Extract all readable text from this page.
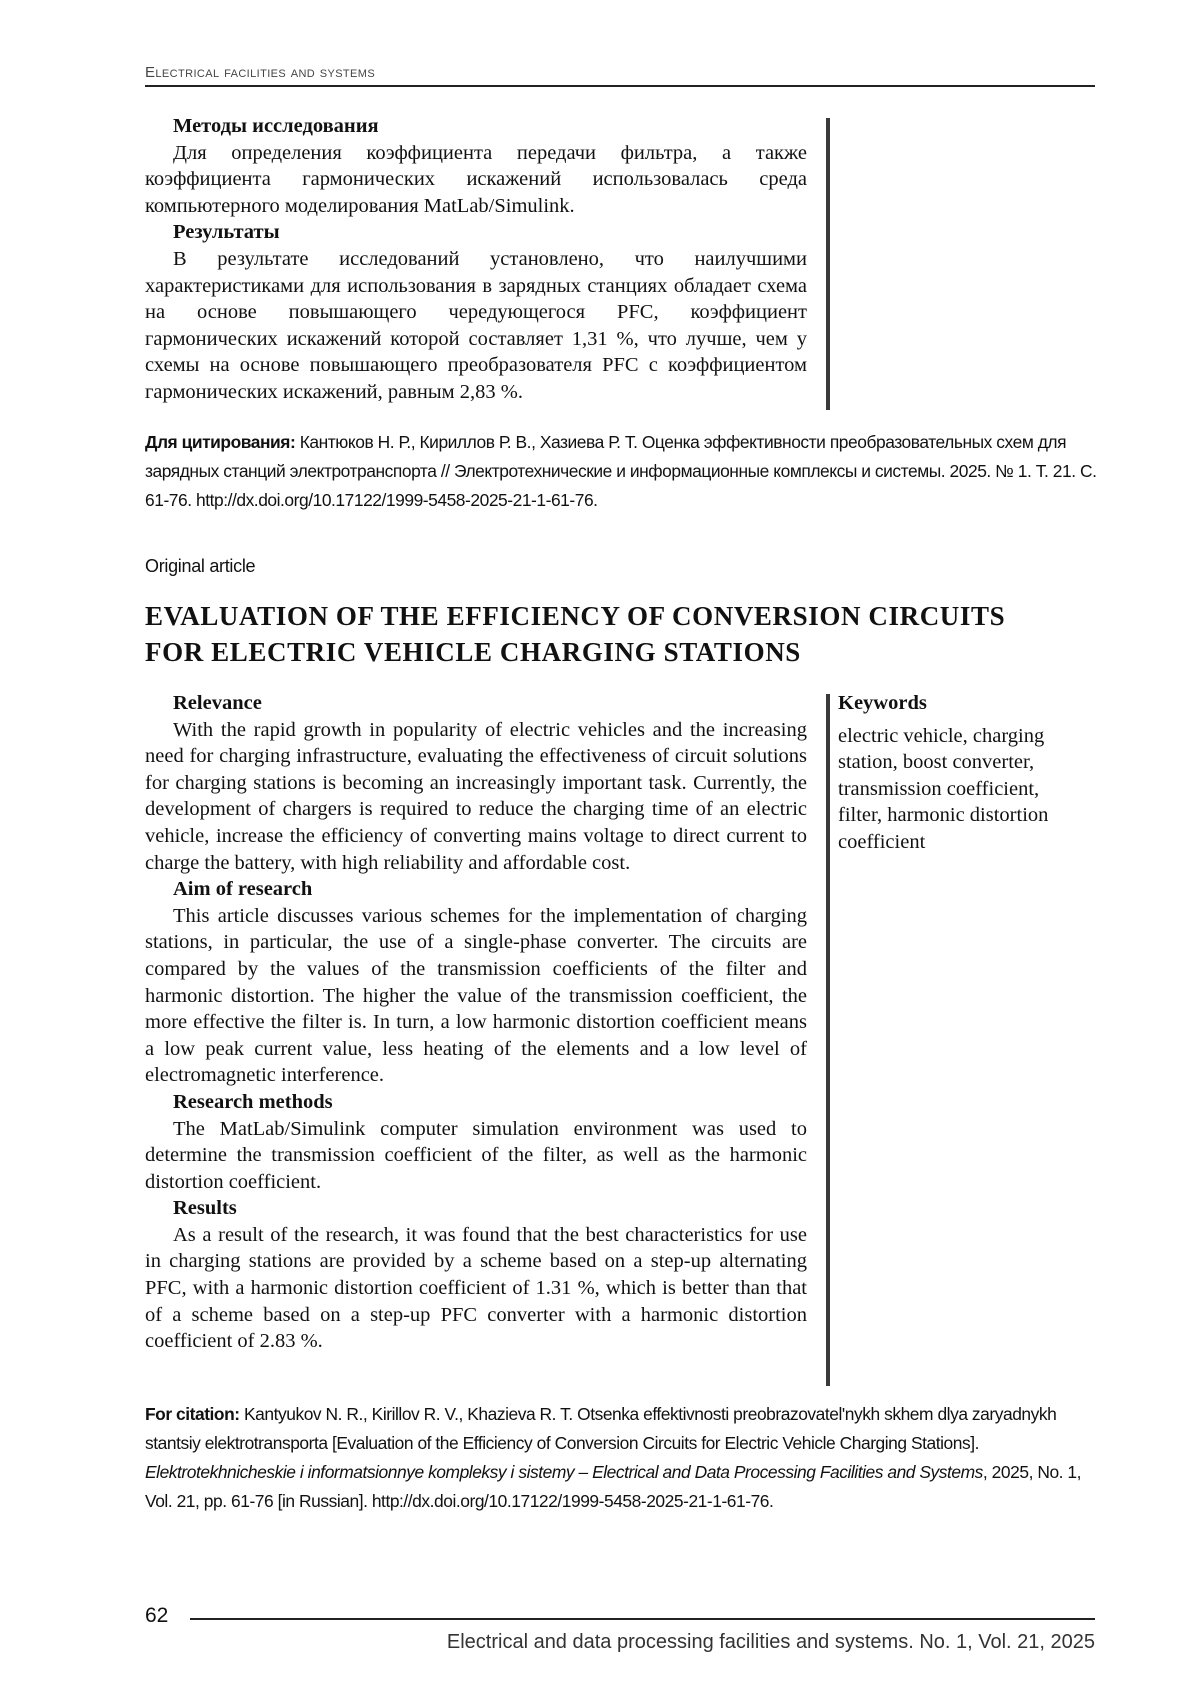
Electrical facilities and systems
Методы исследования

Для определения коэффициента передачи фильтра, а также коэффициента гармонических искажений использовалась среда компьютерного моделирования MatLab/Simulink.

Результаты

В результате исследований установлено, что наилучшими характеристиками для использования в зарядных станциях обладает схема на основе повышающего чередующегося PFC, коэффициент гармонических искажений которой составляет 1,31 %, что лучше, чем у схемы на основе повышающего преобразователя PFC с коэффициентом гармонических искажений, равным 2,83 %.

Для цитирования: Кантюков Н. Р., Кириллов Р. В., Хазиева Р. Т. Оценка эффективности преобразовательных схем для зарядных станций электротранспорта // Электротехнические и информационные комплексы и системы. 2025. № 1. Т. 21. С. 61-76. http://dx.doi.org/10.17122/1999-5458-2025-21-1-61-76.
Original article
EVALUATION OF THE EFFICIENCY OF CONVERSION CIRCUITS
FOR ELECTRIC VEHICLE CHARGING STATIONS
Relevance

With the rapid growth in popularity of electric vehicles and the increasing need for charging infrastructure, evaluating the effectiveness of circuit solutions for charging stations is becoming an increasingly important task. Currently, the development of chargers is required to reduce the charging time of an electric vehicle, increase the efficiency of converting mains voltage to direct current to charge the battery, with high reliability and affordable cost.

Aim of research

This article discusses various schemes for the implementation of charging stations, in particular, the use of a single-phase converter. The circuits are compared by the values of the transmission coefficients of the filter and harmonic distortion. The higher the value of the transmission coefficient, the more effective the filter is. In turn, a low harmonic distortion coefficient means a low peak current value, less heating of the elements and a low level of electromagnetic interference.

Research methods

The MatLab/Simulink computer simulation environment was used to determine the transmission coefficient of the filter, as well as the harmonic distortion coefficient.

Results

As a result of the research, it was found that the best characteristics for use in charging stations are provided by a scheme based on a step-up alternating PFC, with a harmonic distortion coefficient of 1.31 %, which is better than that of a scheme based on a step-up PFC converter with a harmonic distortion coefficient of 2.83 %.

Keywords
electric vehicle, charging
station, boost converter,
transmission coefficient,
filter, harmonic distortion
coefficient
For citation: Kantyukov N. R., Kirillov R. V., Khazieva R. T. Otsenka effektivnosti preobrazovatel'nykh skhem dlya zaryadnykh stantsiy elektrotransporta [Evaluation of the Efficiency of Conversion Circuits for Electric Vehicle Charging Stations]. Elektrotekhnicheskie i informatsionnye kompleksy i sistemy – Electrical and Data Processing Facilities and Systems, 2025, No. 1, Vol. 21, pp. 61-76 [in Russian]. http://dx.doi.org/10.17122/1999-5458-2025-21-1-61-76.
62
Electrical and data processing facilities and systems. No. 1, Vol. 21, 2025
